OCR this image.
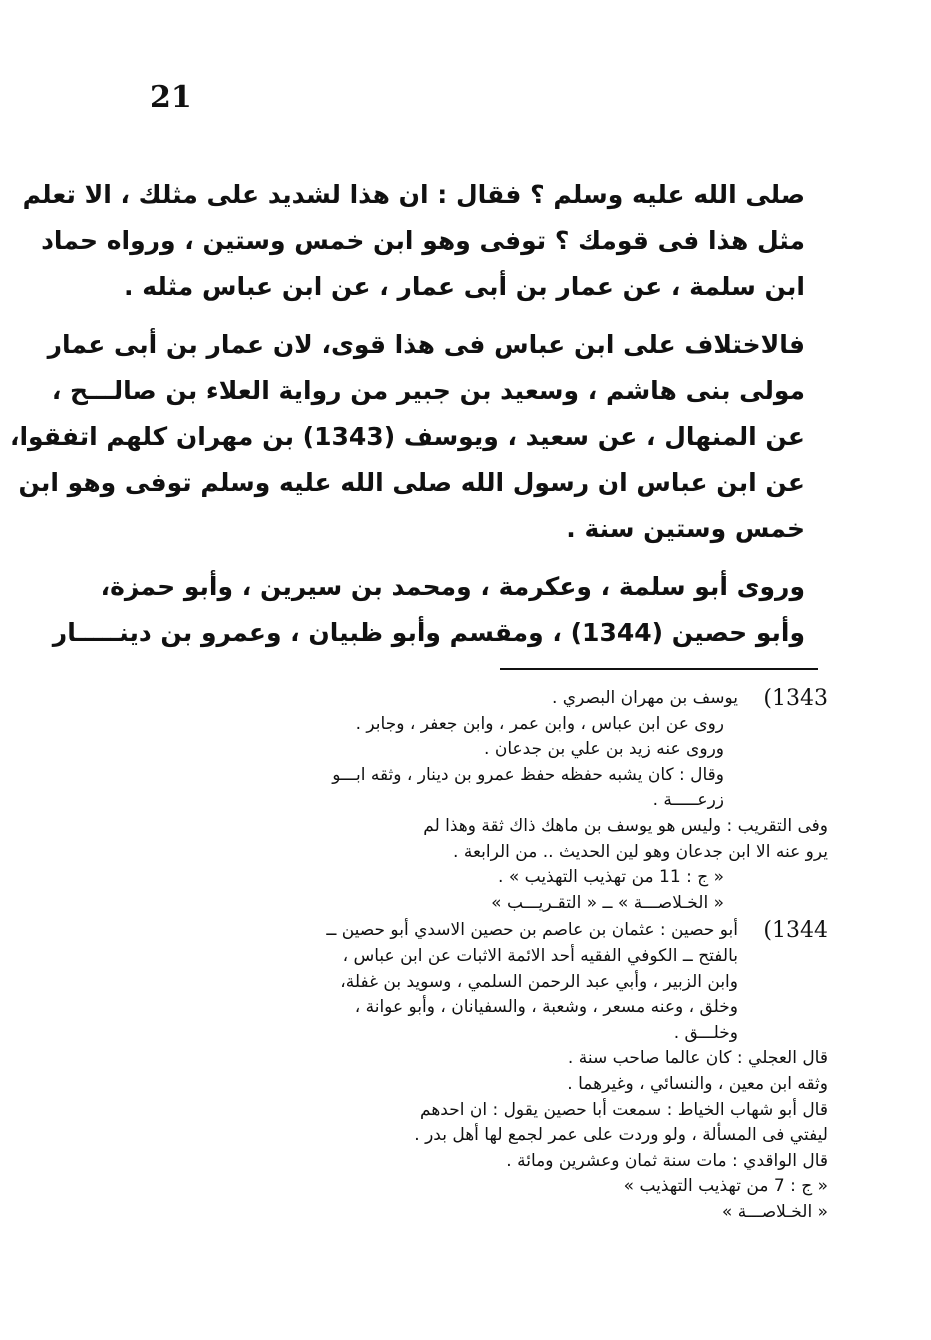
21
صلى الله عليه وسلم ؟ فقال : ان هذا لشديد على مثلك ، الا تعلم
مثل هذا فى قومك ؟ توفى وهو ابن خمس وستين ، ورواه حماد
ابن سلمة ، عن عمار بن أبى عمار ، عن ابن عباس مثله .
فالاختلاف على ابن عباس فى هذا قوى، لان عمار بن أبى عمار
مولى بنى هاشم ، وسعيد بن جبير من رواية العلاء بن صالـــح ،
عن المنهال ، عن سعيد ، ويوسف (1343) بن مهران كلهم اتفقوا،
عن ابن عباس ان رسول الله صلى الله عليه وسلم توفى وهو ابن
خمس وستين سنة .
وروى أبو سلمة ، وعكرمة ، ومحمد بن سيرين ، وأبو حمزة،
وأبو حصين (1344) ، ومقسم وأبو ظبيان ، وعمرو بن دينـــــار
(1343
يوسف بن مهران البصري .
روى عن ابن عباس ، وابن عمر ، وابن جعفر ، وجابر .
وروى عنه زيد بن علي بن جدعان .
وقال : كان يشبه حفظه حفظ عمرو بن دينار ، وثقه ابـــو
زرعـــــة .
وفى التقريب : وليس هو يوسف بن ماهك ذاك ثقة وهذا لم
يرو عنه الا ابن جدعان وهو لين الحديث .. من الرابعة .
« ج : 11 من تهذيب التهذيب » .
« الخـلاصـــة » ــ « التقـريـــب »
(1344
أبو حصين : عثمان بن عاصم بن حصين الاسدي أبو حصين ــ
بالفتح ــ الكوفي الفقيه أحد الائمة الاثبات عن ابن عباس ،
وابن الزبير ، وأبي عبد الرحمن السلمي ، وسويد بن غفلة،
وخلق ، وعنه مسعر ، وشعبة ، والسفيانان ، وأبو عوانة ،
وخلـــق .
قال العجلي : كان عالما صاحب سنة .
وثقه ابن معين ، والنسائي ، وغيرهما .
قال أبو شهاب الخياط : سمعت أبا حصين يقول : ان احدهم
ليفتي فى المسألة ، ولو وردت على عمر لجمع لها أهل بدر .
قال الواقدي : مات سنة ثمان وعشرين ومائة .
« ج : 7 من تهذيب التهذيب »
« الخـلاصـــة »
